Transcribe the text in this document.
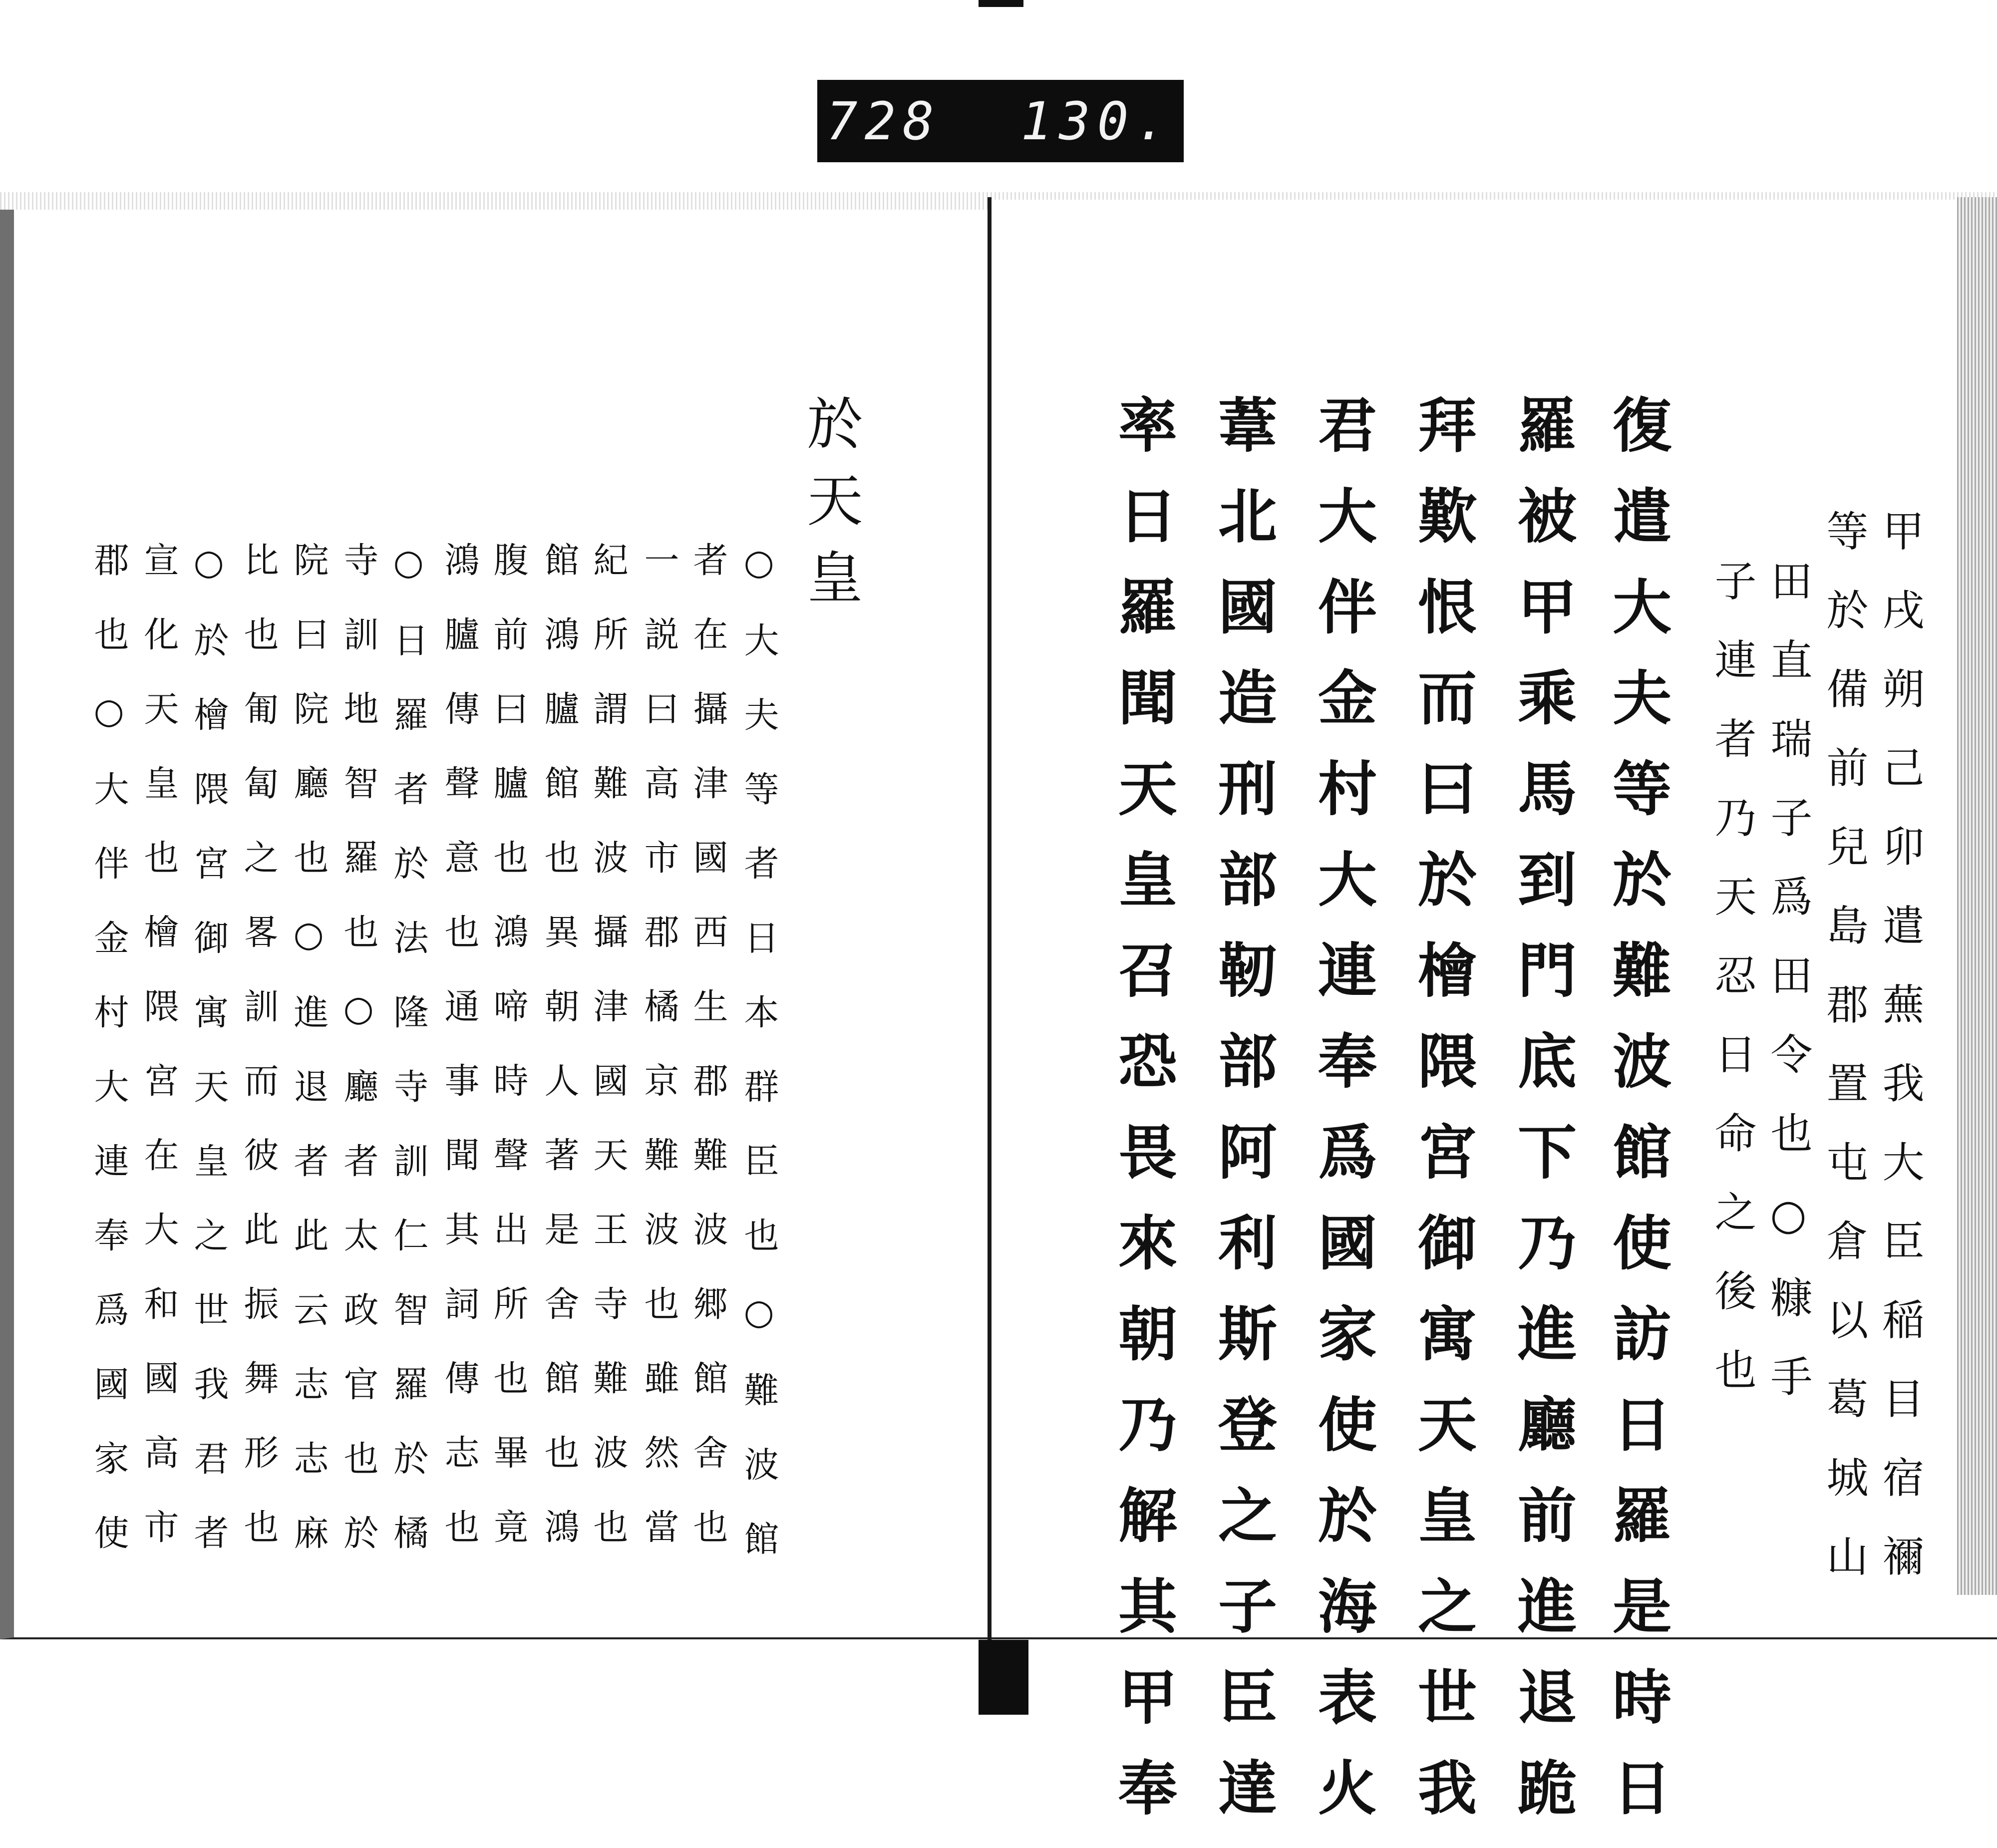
728 130.
於天皇
○大夫等者日本群臣也○難波館
者在攝津國西生郡難波郷館舍也
一説曰高市郡橘京難波也雖然當
紀所謂難波攝津國天王寺難波也
館鴻臚館也異朝人著是舍館也鴻
腹前曰臚也鴻啼時聲出所也畢竟
鴻臚傳聲意也通事聞其詞傳志也
○日羅者於法隆寺訓仁智羅於橘
寺訓地智羅也○廳者太政官也於
院曰院廳也○進退者此云志志麻
比也匍匐之畧訓而彼此振舞形也
○於檜隈宮御寓天皇之世我君者
宣化天皇也檜隈宮在大和國高市
郡也○大伴金村大連奉爲國家使	甲戌朔己卯遣蕪我大臣稲目宿禰
等於備前兒島郡置屯倉以葛城山
田直瑞子爲田令也○糠手
子連者乃天忍日命之後也
復遣大夫等於難波館使訪日羅是時日
羅被甲乘馬到門底下乃進廳前進退跪
拜歎恨而曰於檜隈宮御寓天皇之世我
君大伴金村大連奉爲國家使於海表火
葦北國造刑部靭部阿利斯登之子臣達
率日羅聞天皇召恐畏來朝乃解其甲奉
